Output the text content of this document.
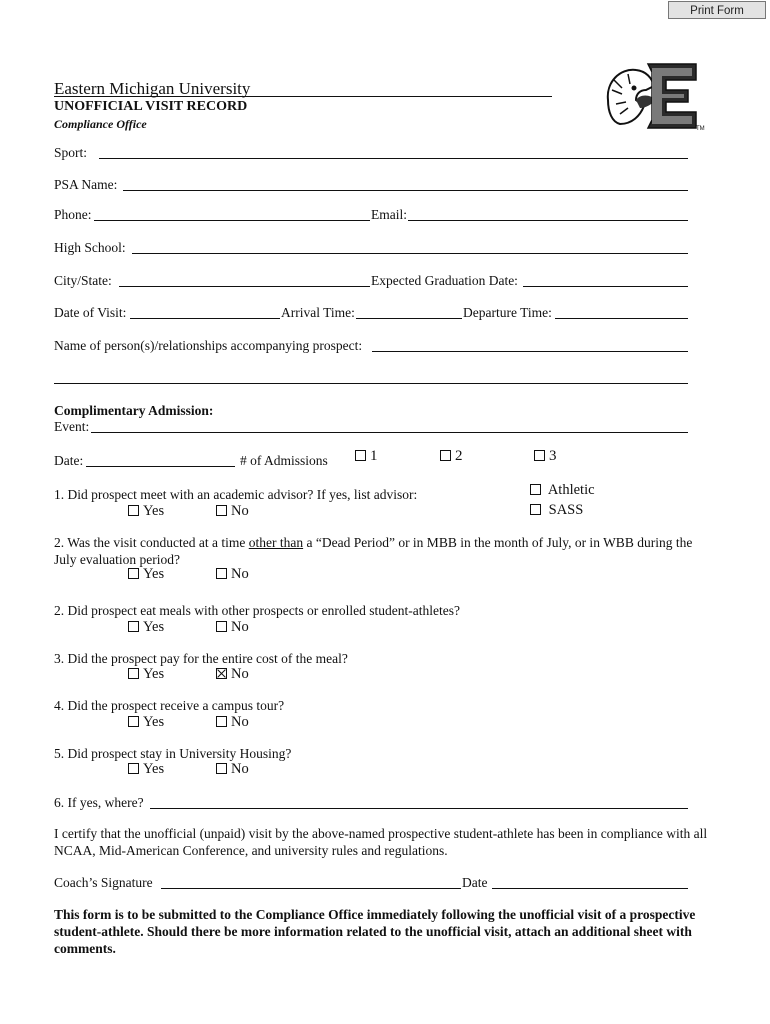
Print Form
Eastern Michigan University
UNOFFICIAL VISIT RECORD
Compliance Office	TM
Sport:
PSA Name:
Phone:	Email:
High School:
City/State:	Expected Graduation Date:
Date of Visit:	Arrival Time:	Departure Time:
Name of person(s)/relationships accompanying prospect:
Complimentary Admission:
Event:
Date:	# of Admissions	1	2	3
1. Did prospect meet with an academic advisor? If yes, list advisor:	Athletic
SASS
Yes	No
2. Was the visit conducted at a time other than a “Dead Period” or in MBB in the month of July, or in WBB during the July evaluation period?
Yes	No
2. Did prospect eat meals with other prospects or enrolled student-athletes?
Yes	No
3. Did the prospect pay for the entire cost of the meal?
Yes	No
4. Did the prospect receive a campus tour?
Yes	No
5. Did prospect stay in University Housing?
Yes	No
6. If yes, where?
I certify that the unofficial (unpaid) visit by the above-named prospective student-athlete has been in compliance with all NCAA, Mid-American Conference, and university rules and regulations.
Coach’s Signature	Date
This form is to be submitted to the Compliance Office immediately following the unofficial visit of a prospective student-athlete. Should there be more information related to the unofficial visit, attach an additional sheet with comments.
